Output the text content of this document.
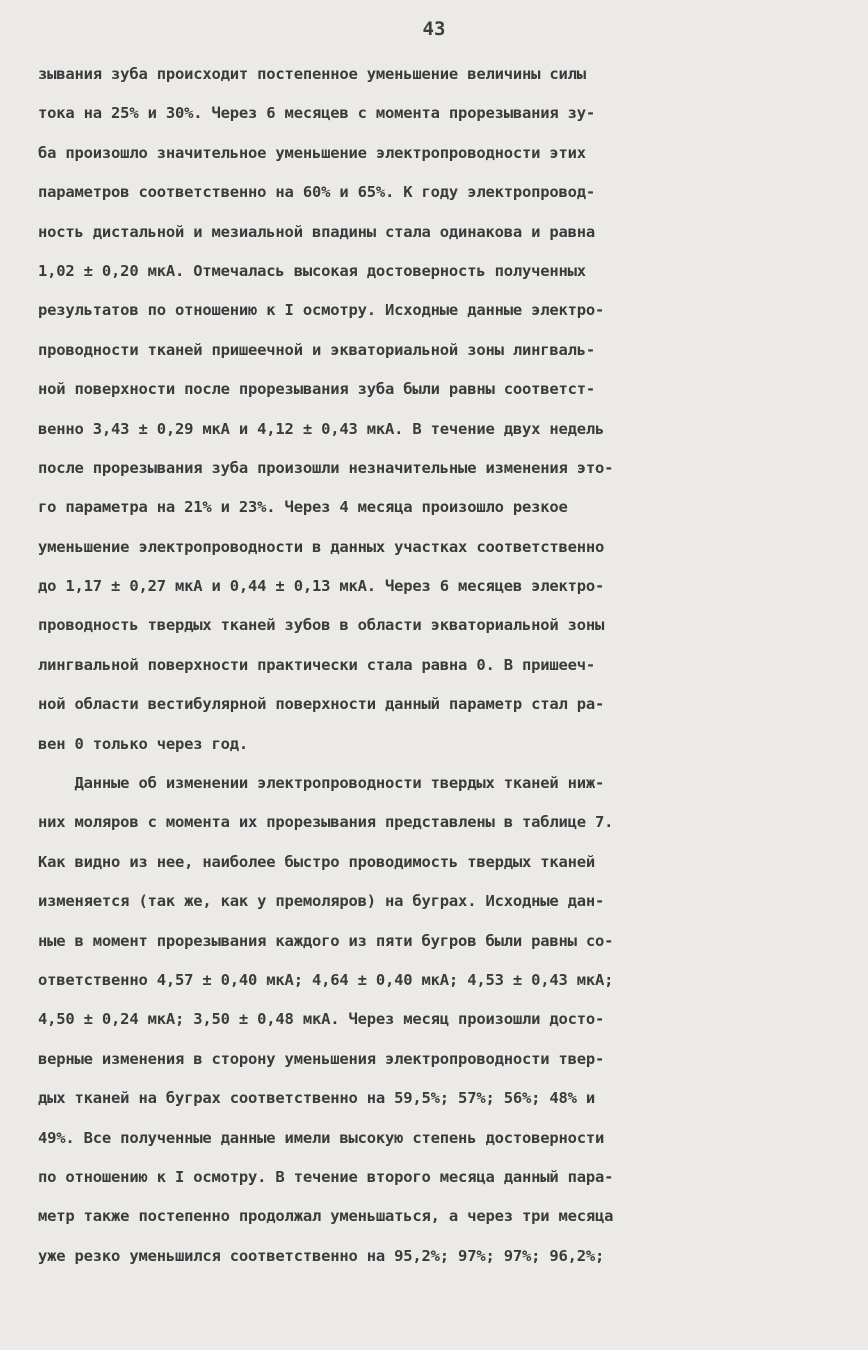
43
зывания зуба происходит постепенное уменьшение величины силы
тока на 25% и 30%. Через 6 месяцев с момента прорезывания зу-
ба произошло значительное уменьшение электропроводности этих
параметров соответственно на 60% и 65%. К году электропровод-
ность дистальной и мезиальной впадины стала одинакова и равна
1,02 ± 0,20 мкА. Отмечалась высокая достоверность полученных
результатов по отношению к I осмотру. Исходные данные электро-
проводности тканей пришеечной и экваториальной зоны лингваль-
ной поверхности после прорезывания зуба были равны соответст-
венно 3,43 ± 0,29 мкА и 4,12 ± 0,43 мкА. В течение двух недель
после прорезывания зуба произошли незначительные изменения это-
го параметра на 21% и 23%. Через 4 месяца произошло резкое
уменьшение электропроводности в данных участках соответственно
до 1,17 ± 0,27 мкА и 0,44 ± 0,13 мкА. Через 6 месяцев электро-
проводность твердых тканей зубов в области экваториальной зоны
лингвальной поверхности практически стала равна 0. В пришееч-
ной области вестибулярной поверхности данный параметр стал ра-
вен 0 только через год.
Данные об изменении электропроводности твердых тканей ниж-
них моляров с момента их прорезывания представлены в таблице 7.
Как видно из нее, наиболее быстро проводимость твердых тканей
изменяется (так же, как у премоляров) на буграх. Исходные дан-
ные в момент прорезывания каждого из пяти бугров были равны со-
ответственно 4,57 ± 0,40 мкА; 4,64 ± 0,40 мкА; 4,53 ± 0,43 мкА;
4,50 ± 0,24 мкА; 3,50 ± 0,48 мкА. Через месяц произошли досто-
верные изменения в сторону уменьшения электропроводности твер-
дых тканей на буграх соответственно на 59,5%; 57%; 56%; 48% и
49%. Все полученные данные имели высокую степень достоверности
по отношению к I осмотру. В течение второго месяца данный пара-
метр также постепенно продолжал уменьшаться, а через три месяца
уже резко уменьшился соответственно на 95,2%; 97%; 97%; 96,2%;
